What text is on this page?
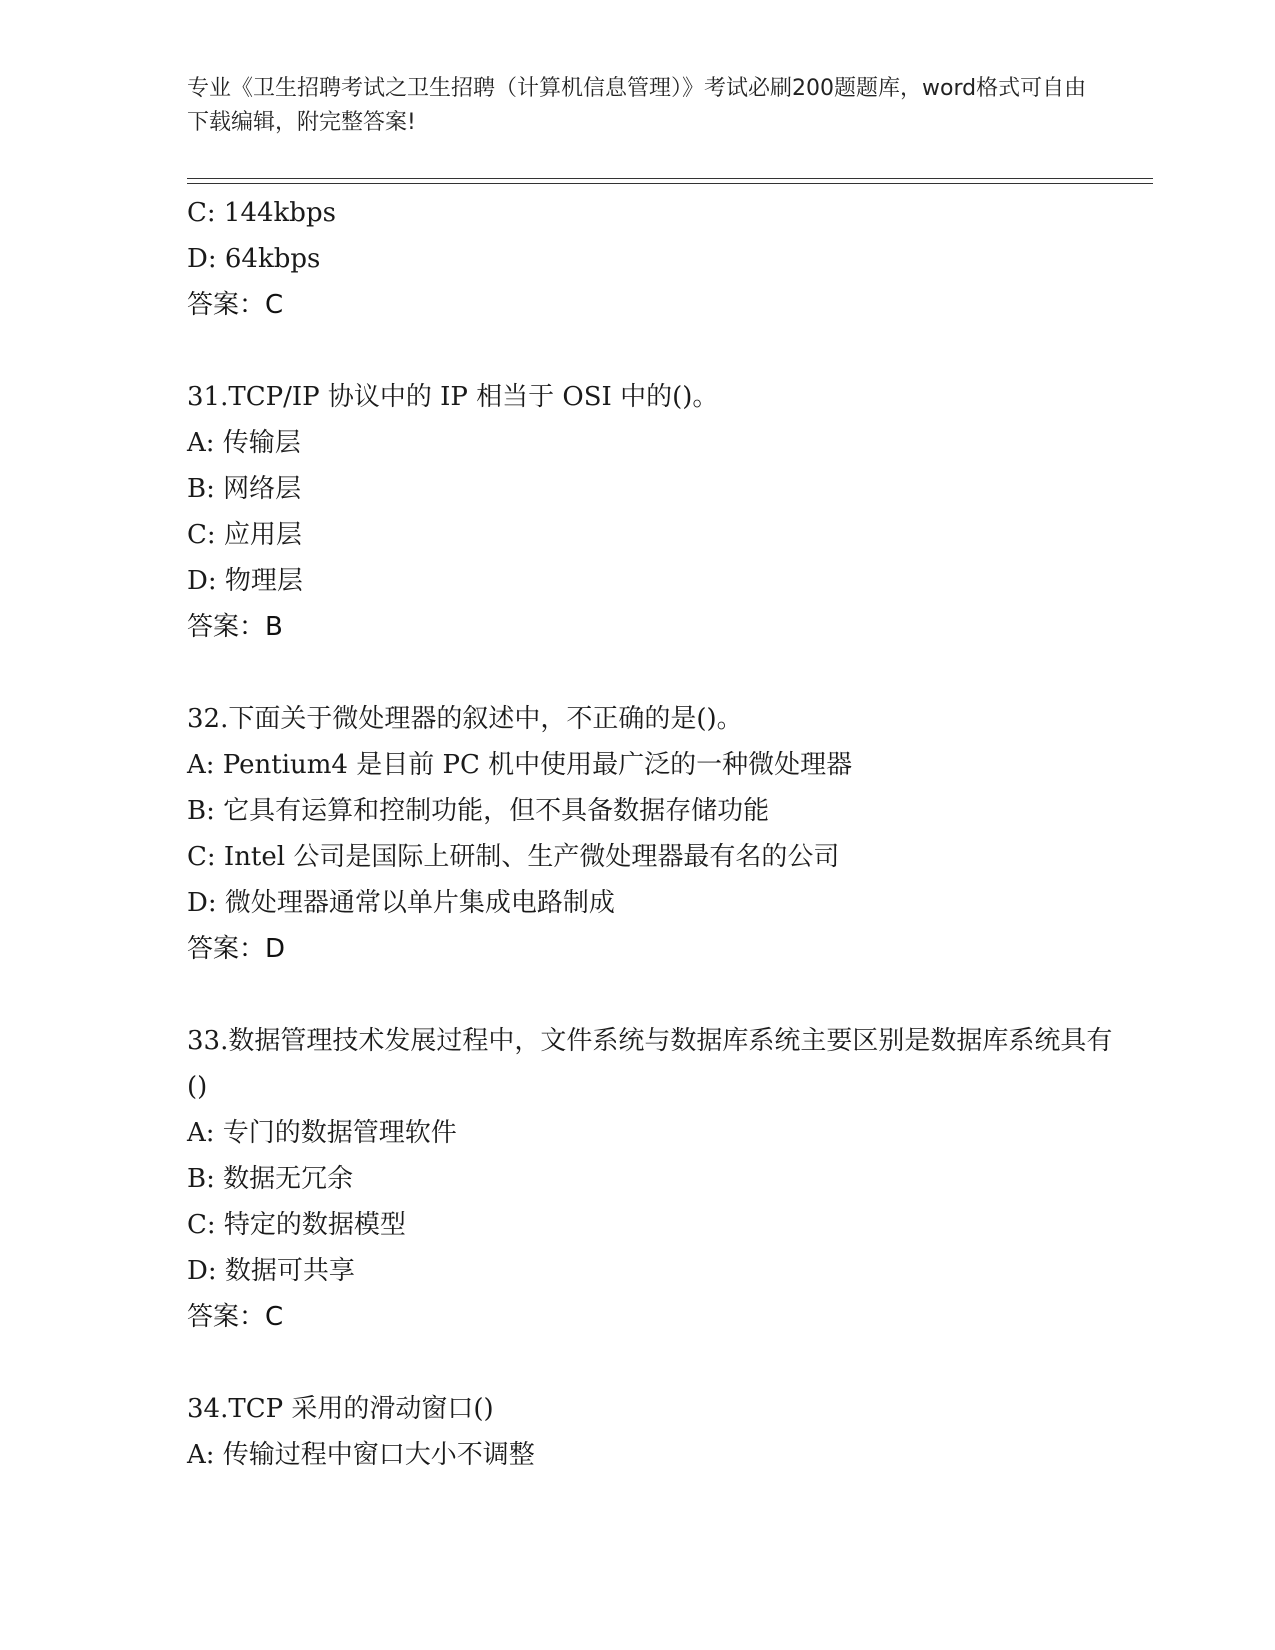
专业《卫生招聘考试之卫生招聘（计算机信息管理）》考试必刷200题题库，word格式可自由下载编辑，附完整答案!
C: 144kbps
D: 64kbps
答案：C
31.TCP/IP 协议中的 IP 相当于 OSI 中的()。
A: 传输层
B: 网络层
C: 应用层
D: 物理层
答案：B
32.下面关于微处理器的叙述中，不正确的是()。
A: Pentium4 是目前 PC 机中使用最广泛的一种微处理器
B: 它具有运算和控制功能，但不具备数据存储功能
C: Intel 公司是国际上研制、生产微处理器最有名的公司
D: 微处理器通常以单片集成电路制成
答案：D
33.数据管理技术发展过程中，文件系统与数据库系统主要区别是数据库系统具有()
A: 专门的数据管理软件
B: 数据无冗余
C: 特定的数据模型
D: 数据可共享
答案：C
34.TCP 采用的滑动窗口()
A: 传输过程中窗口大小不调整
